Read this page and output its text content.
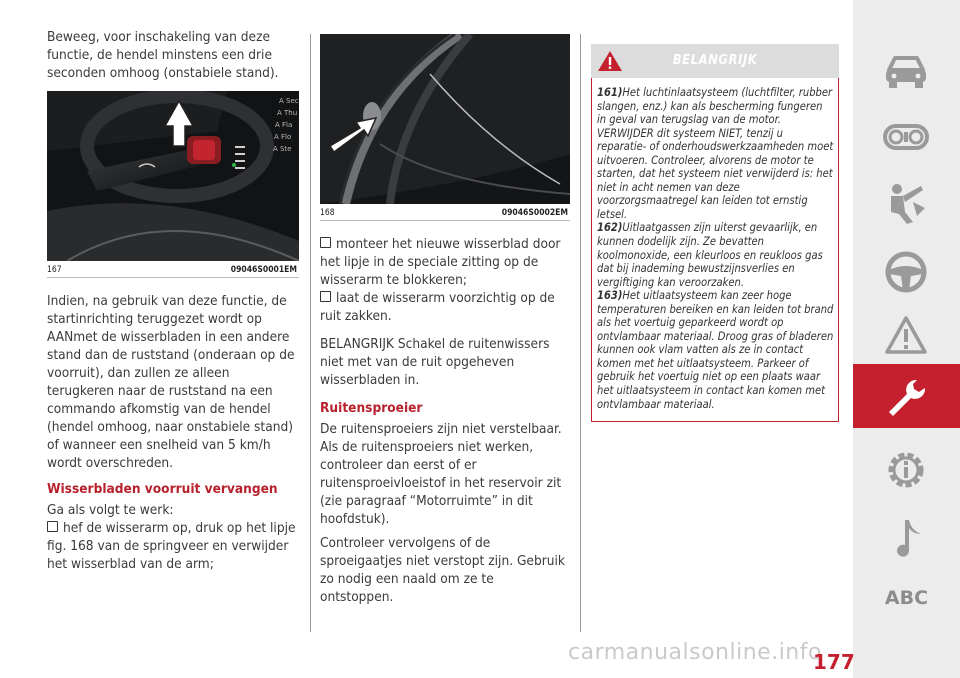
Beweeg, voor inschakeling van deze functie, de hendel minstens een drie seconden omhoog (onstabiele stand).

A Sec
A Thu
A Fla
A Flo
A Ste
167	09046S0001EM

Indien, na gebruik van deze functie, de startinrichting teruggezet wordt op AANmet de wisserbladen in een andere stand dan de ruststand (onderaan op de voorruit), dan zullen ze alleen terugkeren naar de ruststand na een commando afkomstig van de hendel (hendel omhoog, naar onstabiele stand) of wanneer een snelheid van 5 km/h wordt overschreden.

Wisserbladen voorruit vervangen

Ga als volgt te werk:

hef de wisserarm op, druk op het lipje fig. 168 van de springveer en verwijder het wisserblad van de arm;

168	09046S0002EM

monteer het nieuwe wisserblad door het lipje in de speciale zitting op de wisserarm te blokkeren;

laat de wisserarm voorzichtig op de ruit zakken.

BELANGRIJK Schakel de ruitenwissers niet met van de ruit opgeheven wisserbladen in.

Ruitensproeier

De ruitensproeiers zijn niet verstelbaar. Als de ruitensproeiers niet werken, controleer dan eerst of er ruitensproeivloeistof in het reservoir zit (zie paragraaf “Motorruimte” in dit hoofdstuk).

Controleer vervolgens of de sproeigaatjes niet verstopt zijn. Gebruik zo nodig een naald om ze te ontstoppen.

BELANGRIJK

161)Het luchtinlaatsysteem (luchtfilter, rubber slangen, enz.) kan als bescherming fungeren in geval van terugslag van de motor. VERWIJDER dit systeem NIET, tenzij u reparatie- of onderhoudswerkzaamheden moet uitvoeren. Controleer, alvorens de motor te starten, dat het systeem niet verwijderd is: het niet in acht nemen van deze voorzorgsmaatregel kan leiden tot ernstig letsel.

162)Uitlaatgassen zijn uiterst gevaarlijk, en kunnen dodelijk zijn. Ze bevatten koolmonoxide, een kleurloos en reukloos gas dat bij inademing bewustzijnsverlies en vergiftiging kan veroorzaken.

163)Het uitlaatsysteem kan zeer hoge temperaturen bereiken en kan leiden tot brand als het voertuig geparkeerd wordt op ontvlambaar materiaal. Droog gras of bladeren kunnen ook vlam vatten als ze in contact komen met het uitlaatsysteem. Parkeer of gebruik het voertuig niet op een plaats waar het uitlaatsysteem in contact kan komen met ontvlambaar materiaal.

ABC
carmanualsonline.info
177
